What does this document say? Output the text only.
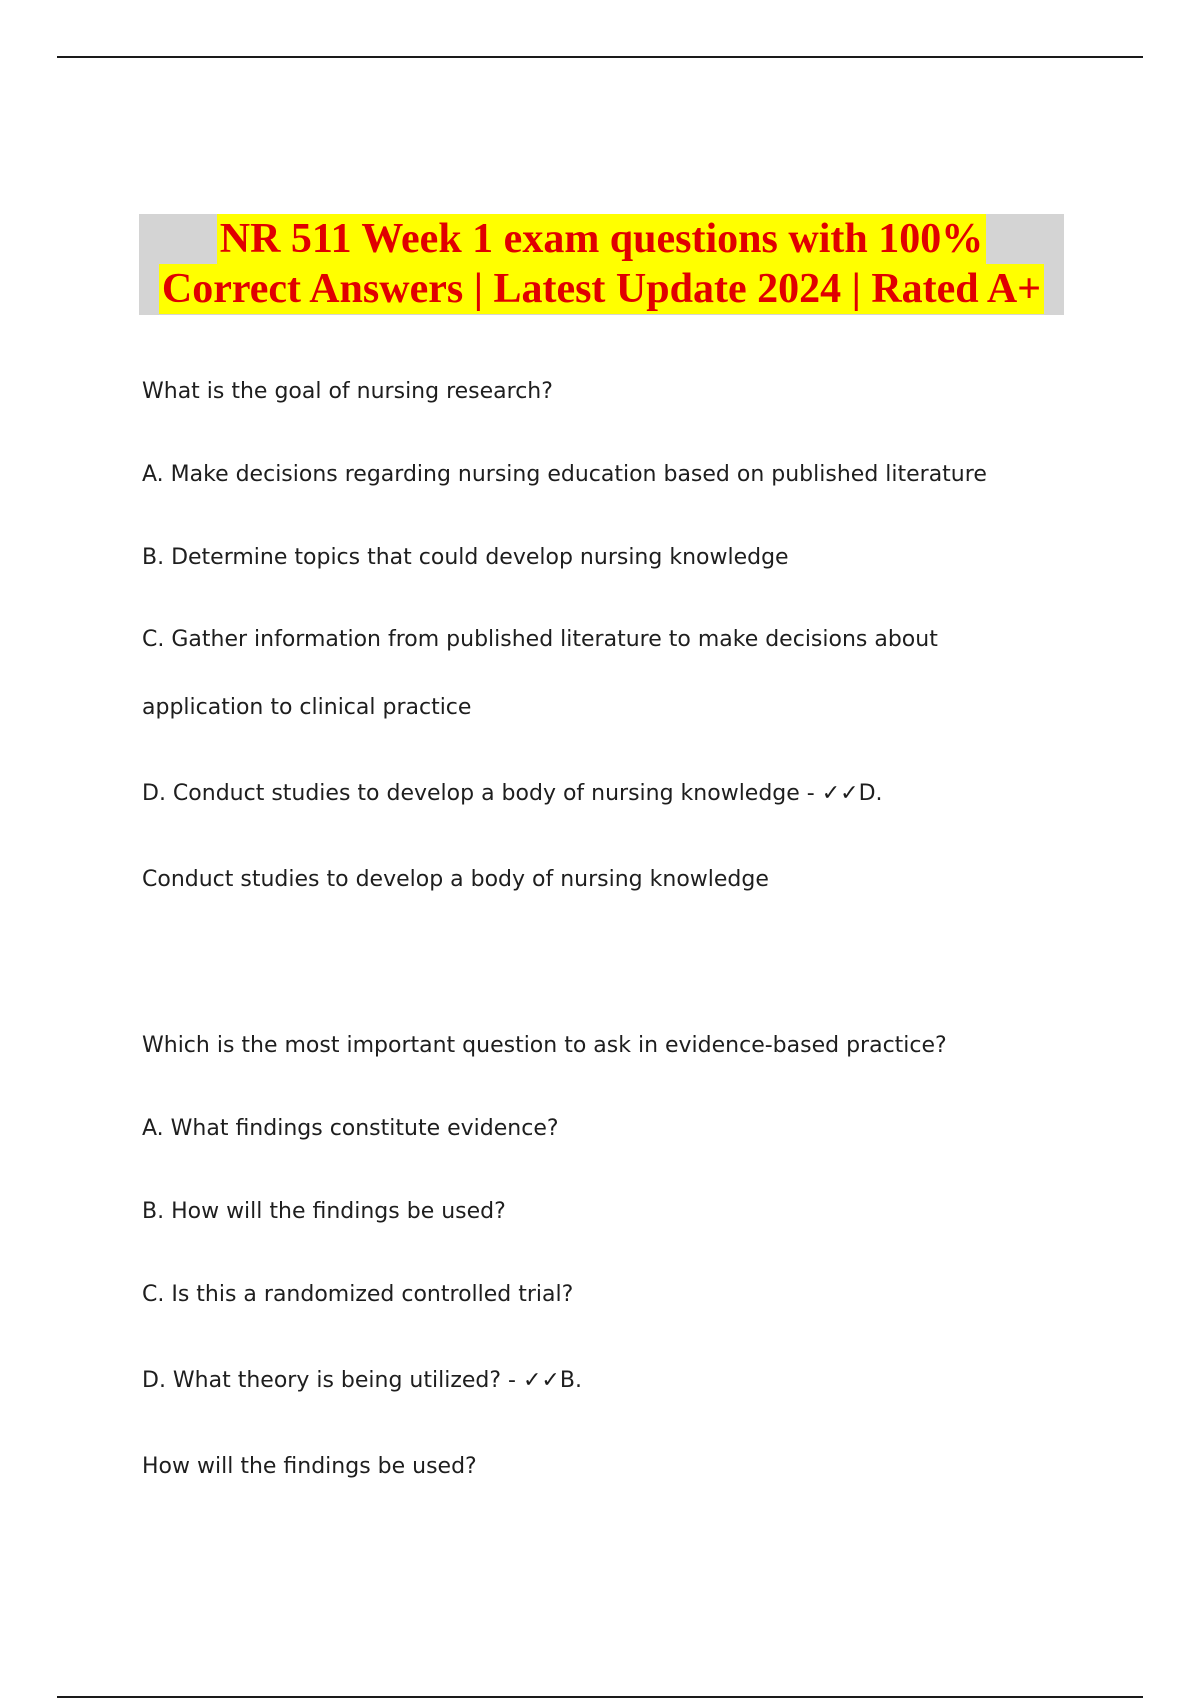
NR 511 Week 1 exam questions with 100%
Correct Answers | Latest Update 2024 | Rated A+
What is the goal of nursing research?
A. Make decisions regarding nursing education based on published literature
B. Determine topics that could develop nursing knowledge
C. Gather information from published literature to make decisions about
application to clinical practice
D. Conduct studies to develop a body of nursing knowledge - ✓✓D.
Conduct studies to develop a body of nursing knowledge
Which is the most important question to ask in evidence-based practice?
A. What findings constitute evidence?
B. How will the findings be used?
C. Is this a randomized controlled trial?
D. What theory is being utilized? - ✓✓B.
How will the findings be used?
